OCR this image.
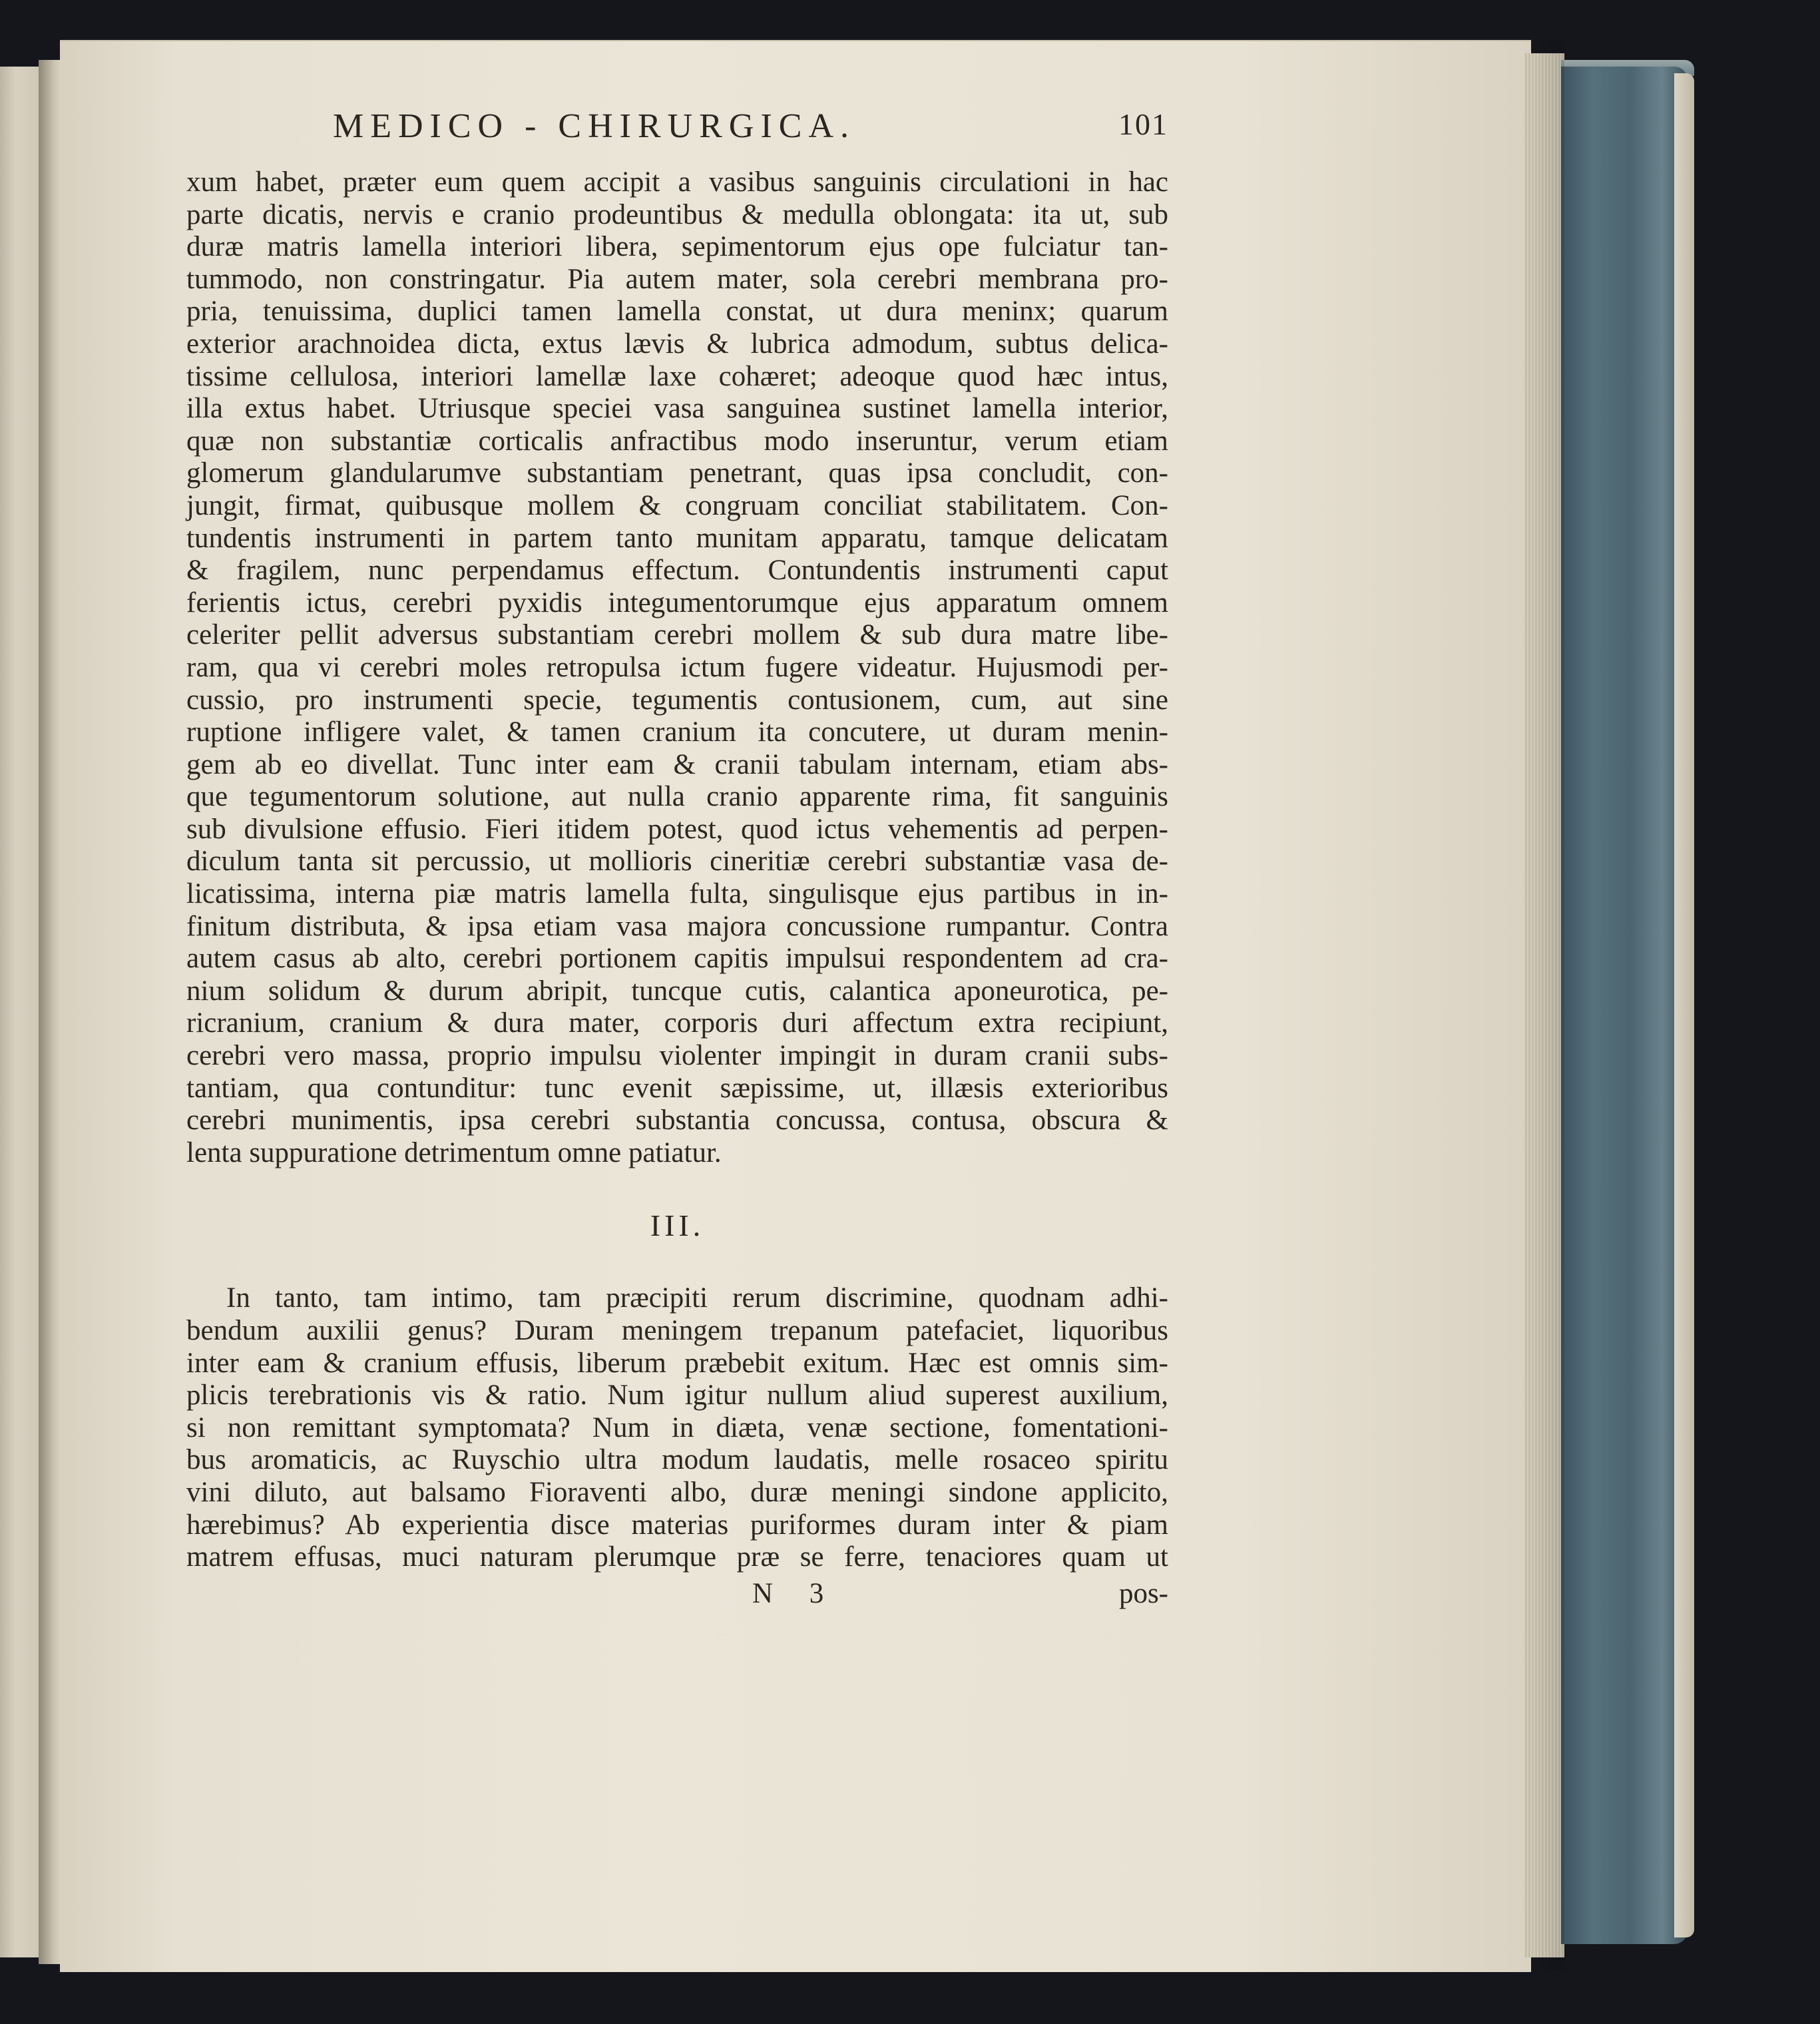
MEDICO - CHIRURGICA.	101
xum habet, præter eum quem accipit a vasibus sanguinis circulationi in hac
parte dicatis, nervis e cranio prodeuntibus & medulla oblongata: ita ut, sub
duræ matris lamella interiori libera, sepimentorum ejus ope fulciatur tan-
tummodo, non constringatur. Pia autem mater, sola cerebri membrana pro-
pria, tenuissima, duplici tamen lamella constat, ut dura meninx; quarum
exterior arachnoidea dicta, extus lævis & lubrica admodum, subtus delica-
tissime cellulosa, interiori lamellæ laxe cohæret; adeoque quod hæc intus,
illa extus habet. Utriusque speciei vasa sanguinea sustinet lamella interior,
quæ non substantiæ corticalis anfractibus modo inseruntur, verum etiam
glomerum glandularumve substantiam penetrant, quas ipsa concludit, con-
jungit, firmat, quibusque mollem & congruam conciliat stabilitatem. Con-
tundentis instrumenti in partem tanto munitam apparatu, tamque delicatam
& fragilem, nunc perpendamus effectum. Contundentis instrumenti caput
ferientis ictus, cerebri pyxidis integumentorumque ejus apparatum omnem
celeriter pellit adversus substantiam cerebri mollem & sub dura matre libe-
ram, qua vi cerebri moles retropulsa ictum fugere videatur. Hujusmodi per-
cussio, pro instrumenti specie, tegumentis contusionem, cum, aut sine
ruptione infligere valet, & tamen cranium ita concutere, ut duram menin-
gem ab eo divellat. Tunc inter eam & cranii tabulam internam, etiam abs-
que tegumentorum solutione, aut nulla cranio apparente rima, fit sanguinis
sub divulsione effusio. Fieri itidem potest, quod ictus vehementis ad perpen-
diculum tanta sit percussio, ut mollioris cineritiæ cerebri substantiæ vasa de-
licatissima, interna piæ matris lamella fulta, singulisque ejus partibus in in-
finitum distributa, & ipsa etiam vasa majora concussione rumpantur. Contra
autem casus ab alto, cerebri portionem capitis impulsui respondentem ad cra-
nium solidum & durum abripit, tuncque cutis, calantica aponeurotica, pe-
ricranium, cranium & dura mater, corporis duri affectum extra recipiunt,
cerebri vero massa, proprio impulsu violenter impingit in duram cranii subs-
tantiam, qua contunditur: tunc evenit sæpissime, ut, illæsis exterioribus
cerebri munimentis, ipsa cerebri substantia concussa, contusa, obscura &
lenta suppuratione detrimentum omne patiatur.
III.
In tanto, tam intimo, tam præcipiti rerum discrimine, quodnam adhi-
bendum auxilii genus? Duram meningem trepanum patefaciet, liquoribus
inter eam & cranium effusis, liberum præbebit exitum. Hæc est omnis sim-
plicis terebrationis vis & ratio. Num igitur nullum aliud superest auxilium,
si non remittant symptomata? Num in diæta, venæ sectione, fomentationi-
bus aromaticis, ac Ruyschio ultra modum laudatis, melle rosaceo spiritu
vini diluto, aut balsamo Fioraventi albo, duræ meningi sindone applicito,
hærebimus? Ab experientia disce materias puriformes duram inter & piam
matrem effusas, muci naturam plerumque præ se ferre, tenaciores quam ut
N 3	pos-
